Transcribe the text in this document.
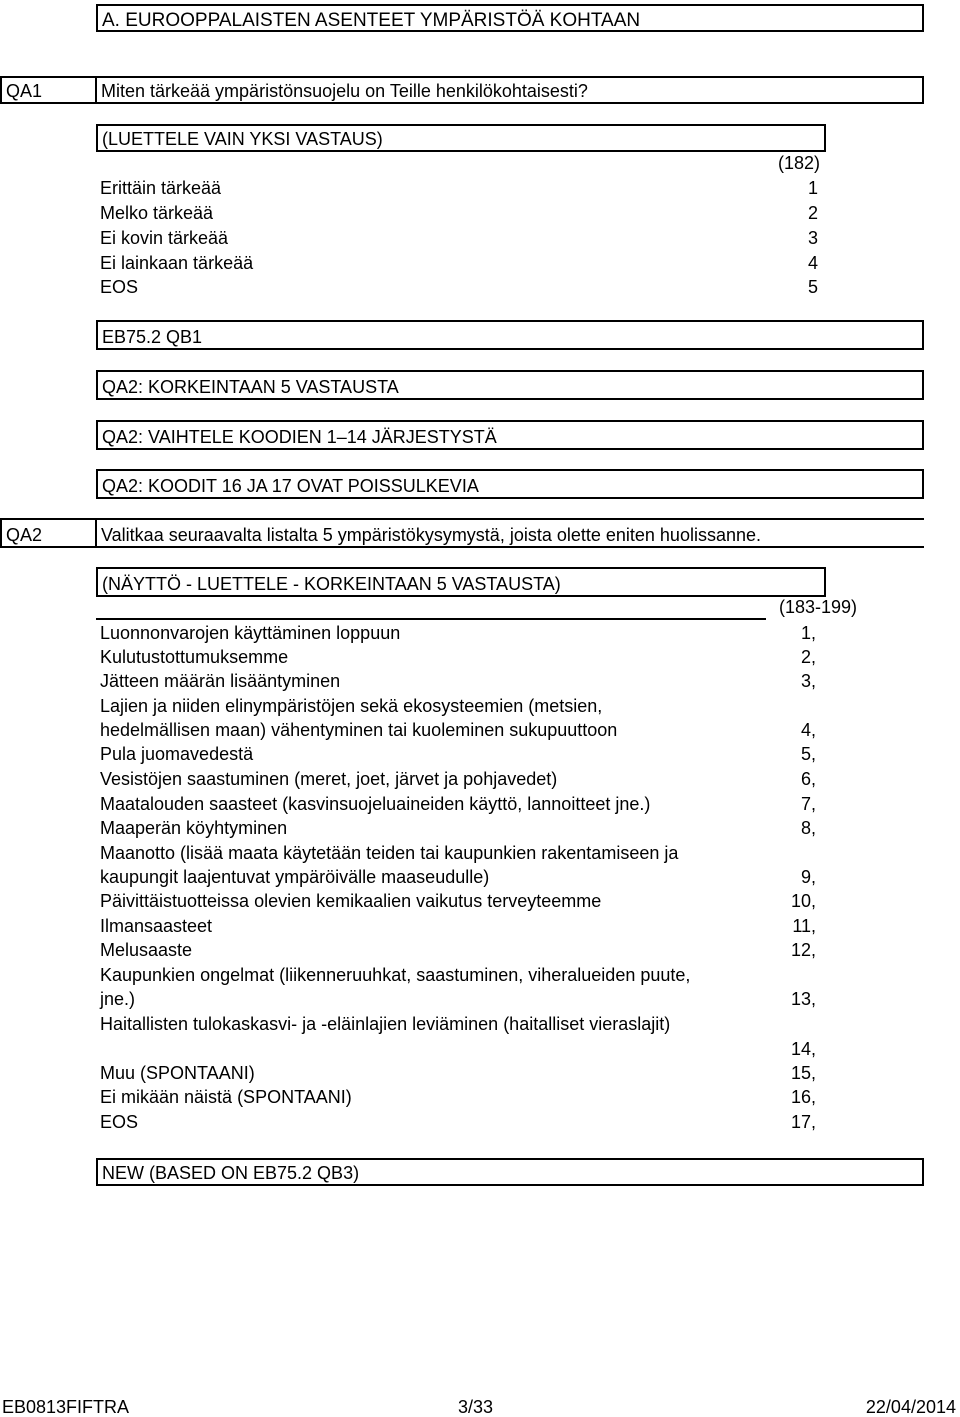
A. EUROOPPALAISTEN ASENTEET YMPÄRISTÖÄ KOHTAAN
QA1	Miten tärkeää ympäristönsuojelu on Teille henkilökohtaisesti?
(LUETTELE VAIN YKSI VASTAUS)
(182)
Erittäin tärkeää	1
Melko tärkeää	2
Ei kovin tärkeää	3
Ei lainkaan tärkeää	4
EOS	5
EB75.2 QB1
QA2: KORKEINTAAN 5 VASTAUSTA
QA2: VAIHTELE KOODIEN 1–14 JÄRJESTYSTÄ
QA2: KOODIT 16 JA 17 OVAT POISSULKEVIA
QA2	Valitkaa seuraavalta listalta 5 ympäristökysymystä, joista olette eniten huolissanne.
(NÄYTTÖ - LUETTELE - KORKEINTAAN 5 VASTAUSTA)
(183-199)
Luonnonvarojen käyttäminen loppuun	1,
Kulutustottumuksemme	2,
Jätteen määrän lisääntyminen	3,
Lajien ja niiden elinympäristöjen sekä ekosysteemien (metsien,
hedelmällisen maan) vähentyminen tai kuoleminen sukupuuttoon	4,
Pula juomavedestä	5,
Vesistöjen saastuminen (meret, joet, järvet ja pohjavedet)	6,
Maatalouden saasteet (kasvinsuojeluaineiden käyttö, lannoitteet jne.)	7,
Maaperän köyhtyminen	8,
Maanotto (lisää maata käytetään teiden tai kaupunkien rakentamiseen ja
kaupungit laajentuvat ympäröivälle maaseudulle)	9,
Päivittäistuotteissa olevien kemikaalien vaikutus terveyteemme	10,
Ilmansaasteet	11,
Melusaaste	12,
Kaupunkien ongelmat (liikenneruuhkat, saastuminen, viheralueiden puute,
jne.)	13,
Haitallisten tulokaskasvi- ja -eläinlajien leviäminen (haitalliset vieraslajit)
14,
Muu (SPONTAANI)	15,
Ei mikään näistä (SPONTAANI)	16,
EOS	17,
NEW (BASED ON EB75.2 QB3)
EB0813FIFTRA	3/33	22/04/2014
